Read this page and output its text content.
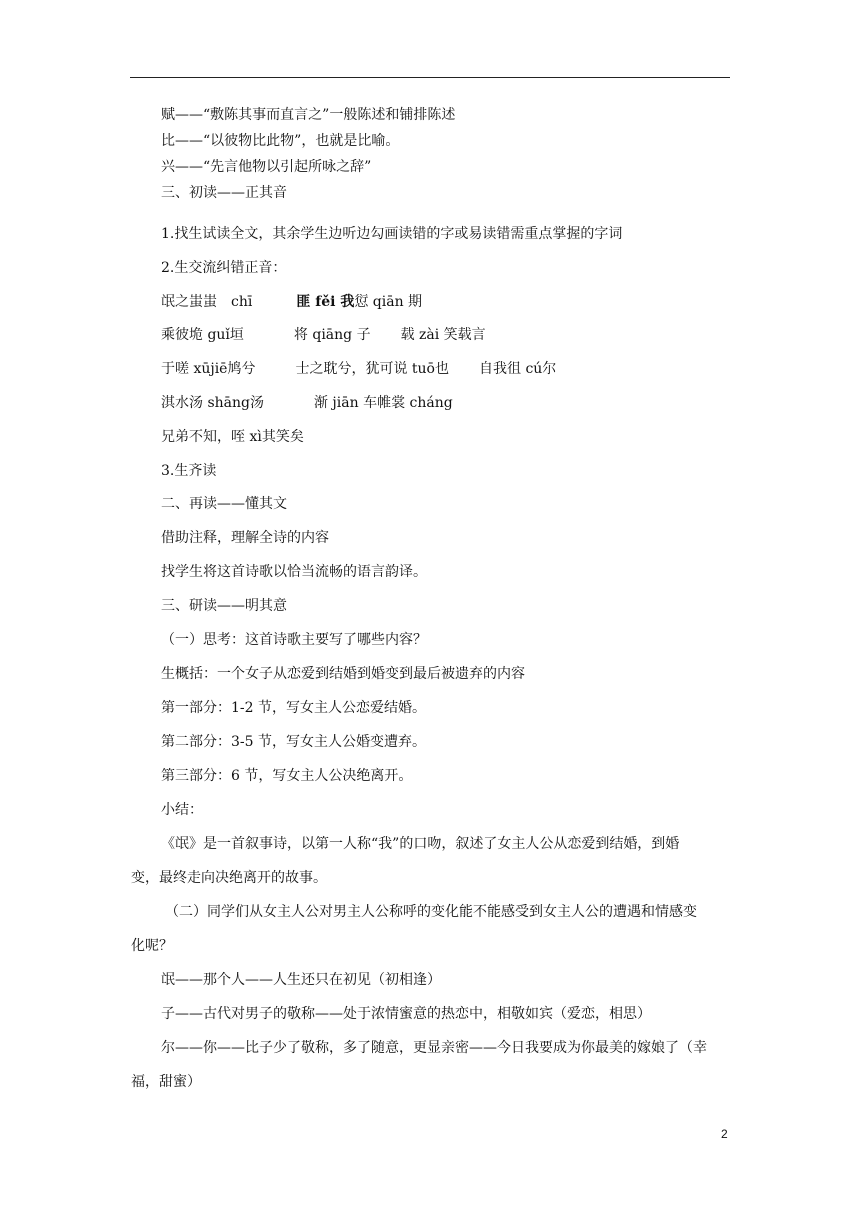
赋——“敷陈其事而直言之”一般陈述和铺排陈述
比——“以彼物比此物”，也就是比喻。
兴——“先言他物以引起所咏之辞”
三、初读——正其音
1.找生试读全文，其余学生边听边勾画读错的字或易读错需重点掌握的字词
2.生交流纠错正音：
氓之蚩蚩　chī	匪 fěi 我愆 qiān 期
乘彼垝 guǐ垣	将 qiāng 子 载 zài 笑载言
于嗟 xūjiē鸠兮	士之耽兮，犹可说 tuō也 自我徂 cú尔
淇水汤 shāng汤	渐 jiān 车帷裳 cháng
兄弟不知，咥 xì其笑矣
3.生齐读
二、再读——懂其文
借助注释，理解全诗的内容
找学生将这首诗歌以恰当流畅的语言韵译。
三、研读——明其意
（一）思考：这首诗歌主要写了哪些内容？
生概括：一个女子从恋爱到结婚到婚变到最后被遗弃的内容
第一部分：1-2 节，写女主人公恋爱结婚。
第二部分：3-5 节，写女主人公婚变遭弃。
第三部分：6 节，写女主人公决绝离开。
小结：
《氓》是一首叙事诗，以第一人称“我”的口吻，叙述了女主人公从恋爱到结婚，到婚
变，最终走向决绝离开的故事。
（二）同学们从女主人公对男主人公称呼的变化能不能感受到女主人公的遭遇和情感变
化呢？
氓——那个人——人生还只在初见（初相逢）
子——古代对男子的敬称——处于浓情蜜意的热恋中，相敬如宾（爱恋，相思）
尔——你——比子少了敬称，多了随意，更显亲密——今日我要成为你最美的嫁娘了（幸
福，甜蜜）
2
